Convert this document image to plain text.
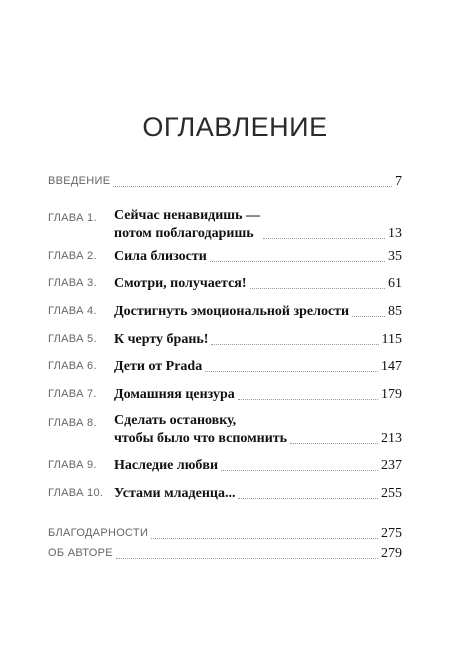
ОГЛАВЛЕНИЕ
ВВЕДЕНИЕ	7
ГЛАВА 1.	Сейчас ненавидишь —
потом поблагодаришь	13
ГЛАВА 2.	Сила близости	35
ГЛАВА 3.	Смотри, получается!	61
ГЛАВА 4.	Достигнуть эмоциональной зрелости	85
ГЛАВА 5.	К черту брань!	115
ГЛАВА 6.	Дети от Prada	147
ГЛАВА 7.	Домашняя цензура	179
ГЛАВА 8.	Сделать остановку,
чтобы было что вспомнить	213
ГЛАВА 9.	Наследие любви	237
ГЛАВА 10. Устами младенца...	255
БЛАГОДАРНОСТИ	275
ОБ АВТОРЕ	279
